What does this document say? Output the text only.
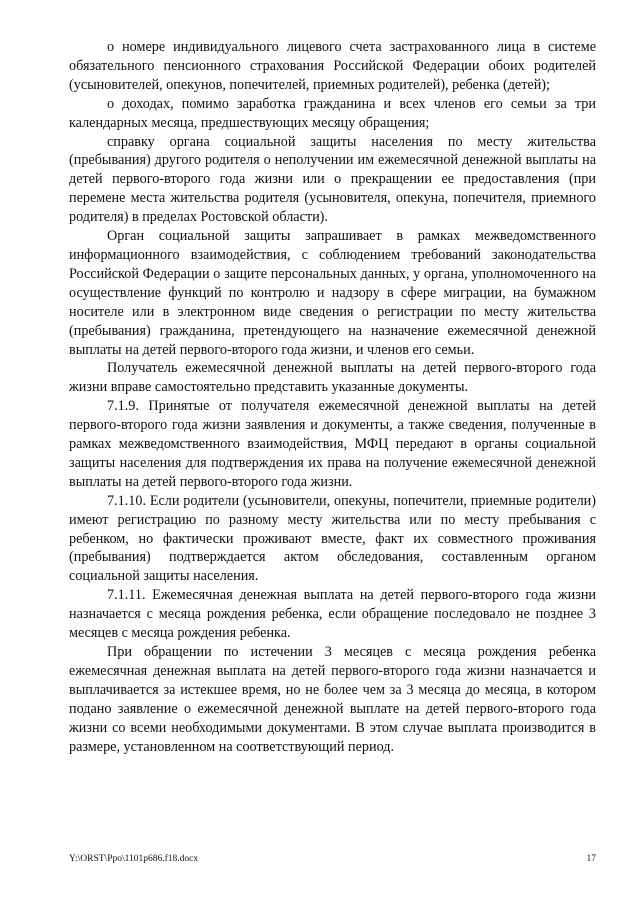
о номере индивидуального лицевого счета застрахованного лица в системе обязательного пенсионного страхования Российской Федерации обоих родителей (усыновителей, опекунов, попечителей, приемных родителей), ребенка (детей);

о доходах, помимо заработка гражданина и всех членов его семьи за три календарных месяца, предшествующих месяцу обращения;

справку органа социальной защиты населения по месту жительства (пребывания) другого родителя о неполучении им ежемесячной денежной выплаты на детей первого-второго года жизни или о прекращении ее предоставления (при перемене места жительства родителя (усыновителя, опекуна, попечителя, приемного родителя) в пределах Ростовской области).

Орган социальной защиты запрашивает в рамках межведомственного информационного взаимодействия, с соблюдением требований законодательства Российской Федерации о защите персональных данных, у органа, уполномоченного на осуществление функций по контролю и надзору в сфере миграции, на бумажном носителе или в электронном виде сведения о регистрации по месту жительства (пребывания) гражданина, претендующего на назначение ежемесячной денежной выплаты на детей первого-второго года жизни, и членов его семьи.

Получатель ежемесячной денежной выплаты на детей первого-второго года жизни вправе самостоятельно представить указанные документы.

7.1.9. Принятые от получателя ежемесячной денежной выплаты на детей первого-второго года жизни заявления и документы, а также сведения, полученные в рамках межведомственного взаимодействия, МФЦ передают в органы социальной защиты населения для подтверждения их права на получение ежемесячной денежной выплаты на детей первого-второго года жизни.

7.1.10. Если родители (усыновители, опекуны, попечители, приемные родители) имеют регистрацию по разному месту жительства или по месту пребывания с ребенком, но фактически проживают вместе, факт их совместного проживания (пребывания) подтверждается актом обследования, составленным органом социальной защиты населения.

7.1.11. Ежемесячная денежная выплата на детей первого-второго года жизни назначается с месяца рождения ребенка, если обращение последовало не позднее 3 месяцев с месяца рождения ребенка.

При обращении по истечении 3 месяцев с месяца рождения ребенка ежемесячная денежная выплата на детей первого-второго года жизни назначается и выплачивается за истекшее время, но не более чем за 3 месяца до месяца, в котором подано заявление о ежемесячной денежной выплате на детей первого-второго года жизни со всеми необходимыми документами. В этом случае выплата производится в размере, установленном на соответствующий период.

Y:\ORST\Ppo\1101p686.f18.docx	17
